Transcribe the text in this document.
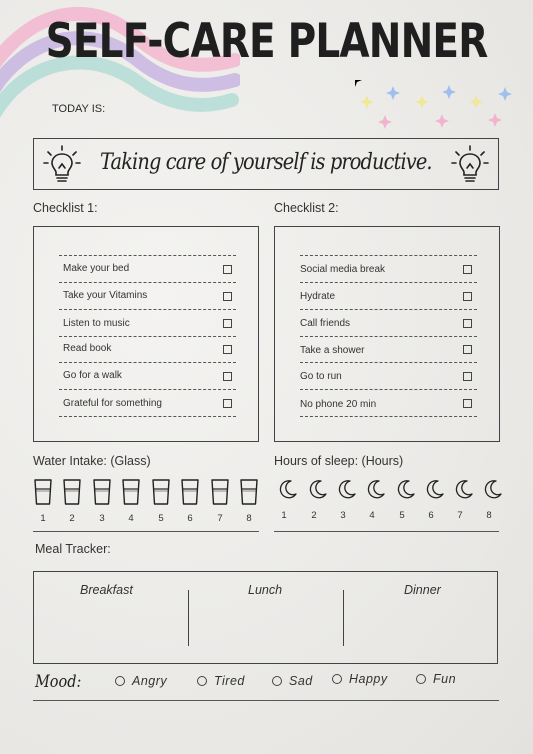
SELF-CARE PLANNER
TODAY IS:
Taking care of yourself is productive.
Checklist 1:
Make your bed
Take your Vitamins
Listen to music
Read book
Go for a walk
Grateful for something
Checklist 2:
Social media break
Hydrate
Call friends
Take a shower
Go to run
No phone 20 min
Water Intake: (Glass)	Hours of sleep: (Hours)
Meal Tracker:
Breakfast	Lunch	Dinner
Mood:	Angry	Tired	Sad	Happy	Fun
1	2	3	4	5	6	7	8	1	2	3	4	5	6	7	8
